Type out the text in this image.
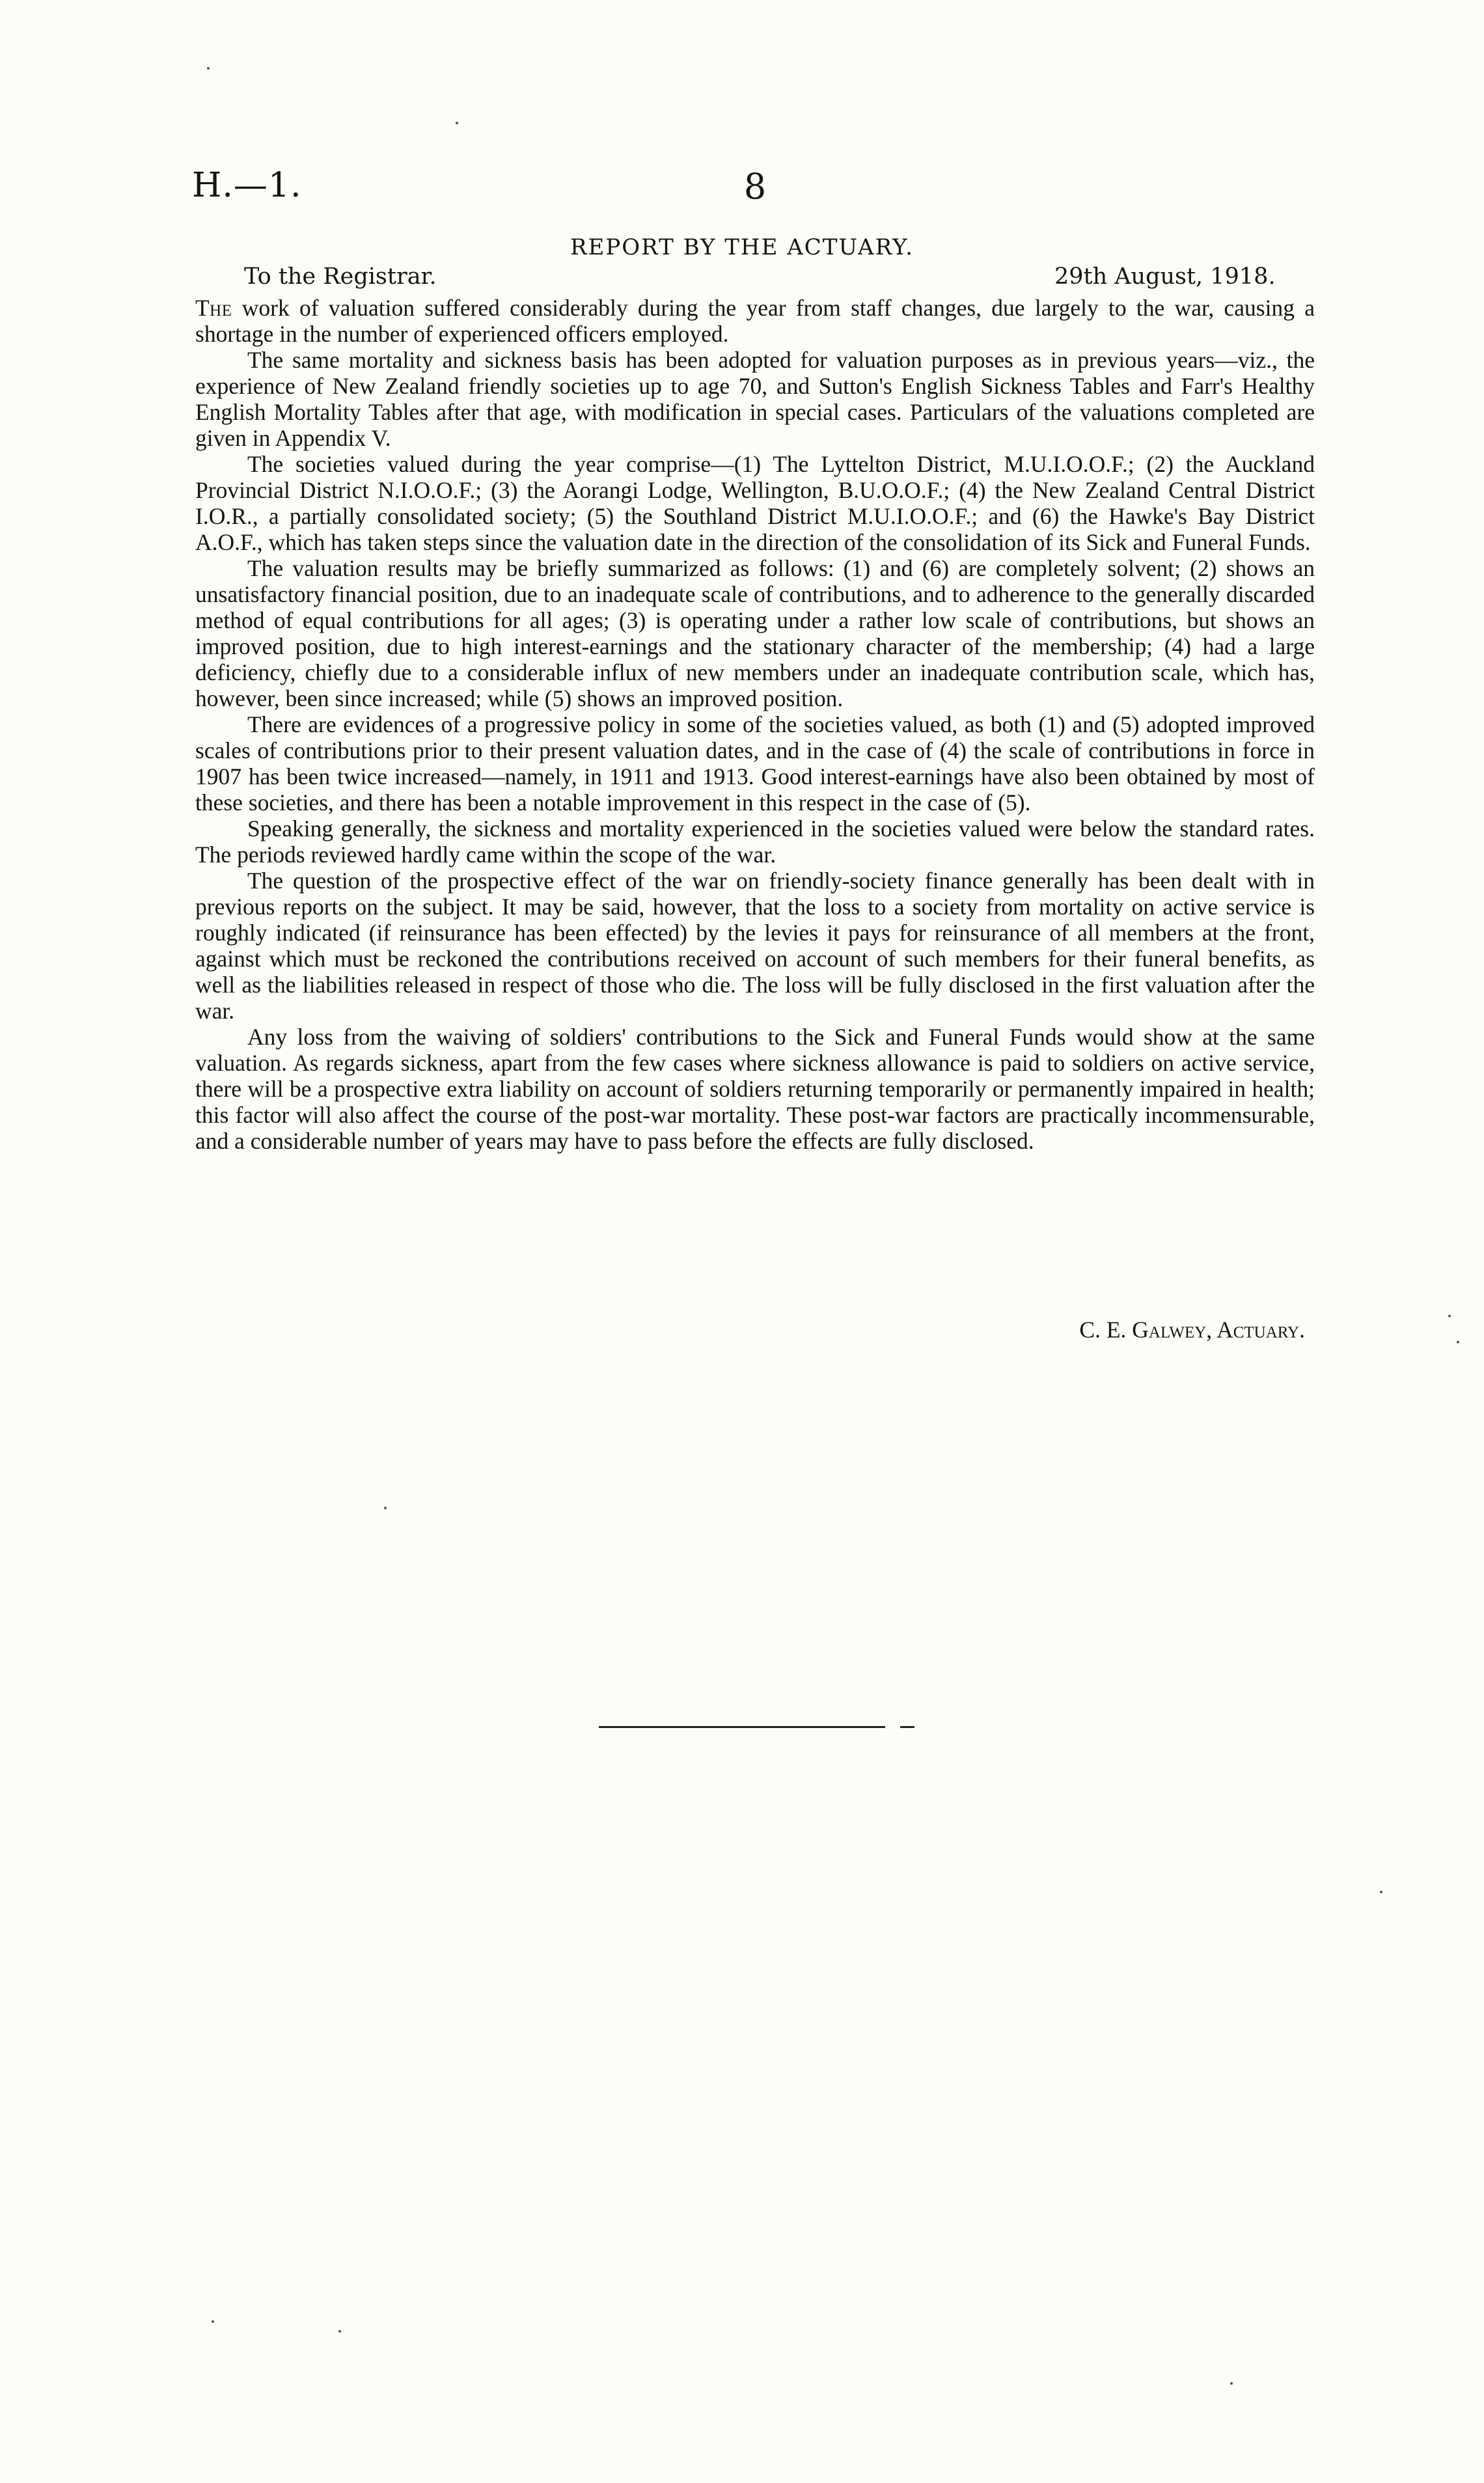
H.—1.	8
REPORT BY THE ACTUARY.
To the Registrar.	29th August, 1918.

The work of valuation suffered considerably during the year from staff changes, due largely to the war, causing a shortage in the number of experienced officers employed.

The same mortality and sickness basis has been adopted for valuation purposes as in previous years—viz., the experience of New Zealand friendly societies up to age 70, and Sutton's English Sickness Tables and Farr's Healthy English Mortality Tables after that age, with modification in special cases. Particulars of the valuations completed are given in Appendix V.

The societies valued during the year comprise—(1) The Lyttelton District, M.U.I.O.O.F.; (2) the Auckland Provincial District N.I.O.O.F.; (3) the Aorangi Lodge, Wellington, B.U.O.O.F.; (4) the New Zealand Central District I.O.R., a partially consolidated society; (5) the Southland District M.U.I.O.O.F.; and (6) the Hawke's Bay District A.O.F., which has taken steps since the valuation date in the direction of the consolidation of its Sick and Funeral Funds.

The valuation results may be briefly summarized as follows: (1) and (6) are completely solvent; (2) shows an unsatisfactory financial position, due to an inadequate scale of contributions, and to adherence to the generally discarded method of equal contributions for all ages; (3) is operating under a rather low scale of contributions, but shows an improved position, due to high interest-earnings and the stationary character of the membership; (4) had a large deficiency, chiefly due to a considerable influx of new members under an inadequate contribution scale, which has, however, been since increased; while (5) shows an improved position.

There are evidences of a progressive policy in some of the societies valued, as both (1) and (5) adopted improved scales of contributions prior to their present valuation dates, and in the case of (4) the scale of contributions in force in 1907 has been twice increased—namely, in 1911 and 1913. Good interest-earnings have also been obtained by most of these societies, and there has been a notable improvement in this respect in the case of (5).

Speaking generally, the sickness and mortality experienced in the societies valued were below the standard rates. The periods reviewed hardly came within the scope of the war.

The question of the prospective effect of the war on friendly-society finance generally has been dealt with in previous reports on the subject. It may be said, however, that the loss to a society from mortality on active service is roughly indicated (if reinsurance has been effected) by the levies it pays for reinsurance of all members at the front, against which must be reckoned the contributions received on account of such members for their funeral benefits, as well as the liabilities released in respect of those who die. The loss will be fully disclosed in the first valuation after the war.

Any loss from the waiving of soldiers' contributions to the Sick and Funeral Funds would show at the same valuation. As regards sickness, apart from the few cases where sickness allowance is paid to soldiers on active service, there will be a prospective extra liability on account of soldiers returning temporarily or permanently impaired in health; this factor will also affect the course of the post-war mortality. These post-war factors are practically incommensurable, and a considerable number of years may have to pass before the effects are fully disclosed.

C. E. Galwey, Actuary.
